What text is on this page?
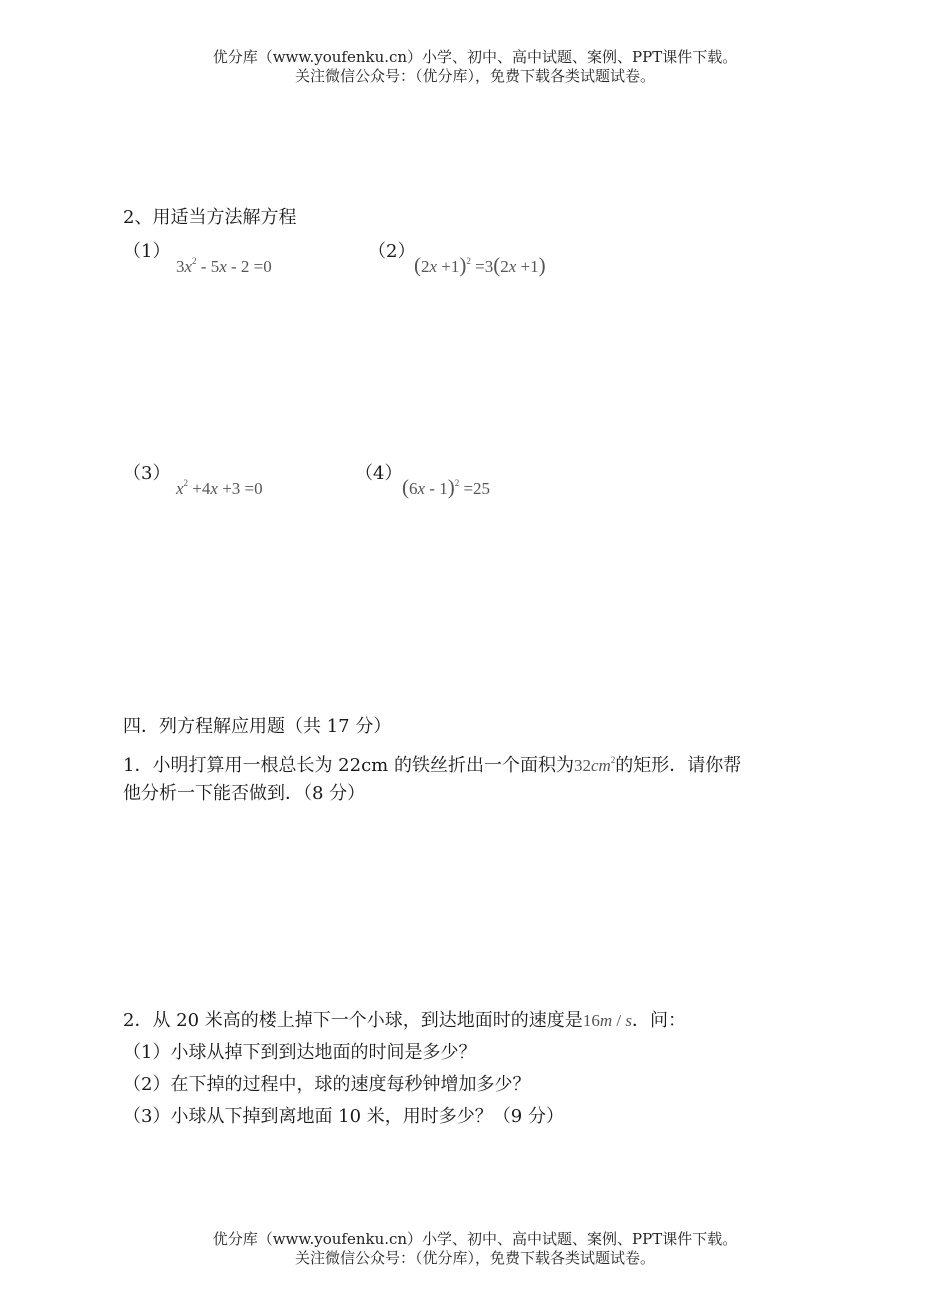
优分库（www.youfenku.cn）小学、初中、高中试题、案例、PPT课件下载。
关注微信公众号：（优分库），免费下载各类试题试卷。
2、用适当方法解方程
（1）
$3x^2 - 5x - 2 =0$
（2）
$(2x +1)^2 =3(2x +1)$
（3）
$x^2 +4x +3 =0$
（4）
(6x - 1)$^2$ =25
四．列方程解应用题（共 17 分）
1．小明打算用一根总长为 22cm 的铁丝折出一个面积为$32cm^2$的矩形．请你帮
他分析一下能否做到．（8 分）
2．从 20 米高的楼上掉下一个小球，到达地面时的速度是16m / s．问：
（1）小球从掉下到到达地面的时间是多少？
（2）在下掉的过程中，球的速度每秒钟增加多少？
（3）小球从下掉到离地面 10 米，用时多少？（9 分）
优分库（www.youfenku.cn）小学、初中、高中试题、案例、PPT课件下载。
关注微信公众号：（优分库），免费下载各类试题试卷。
